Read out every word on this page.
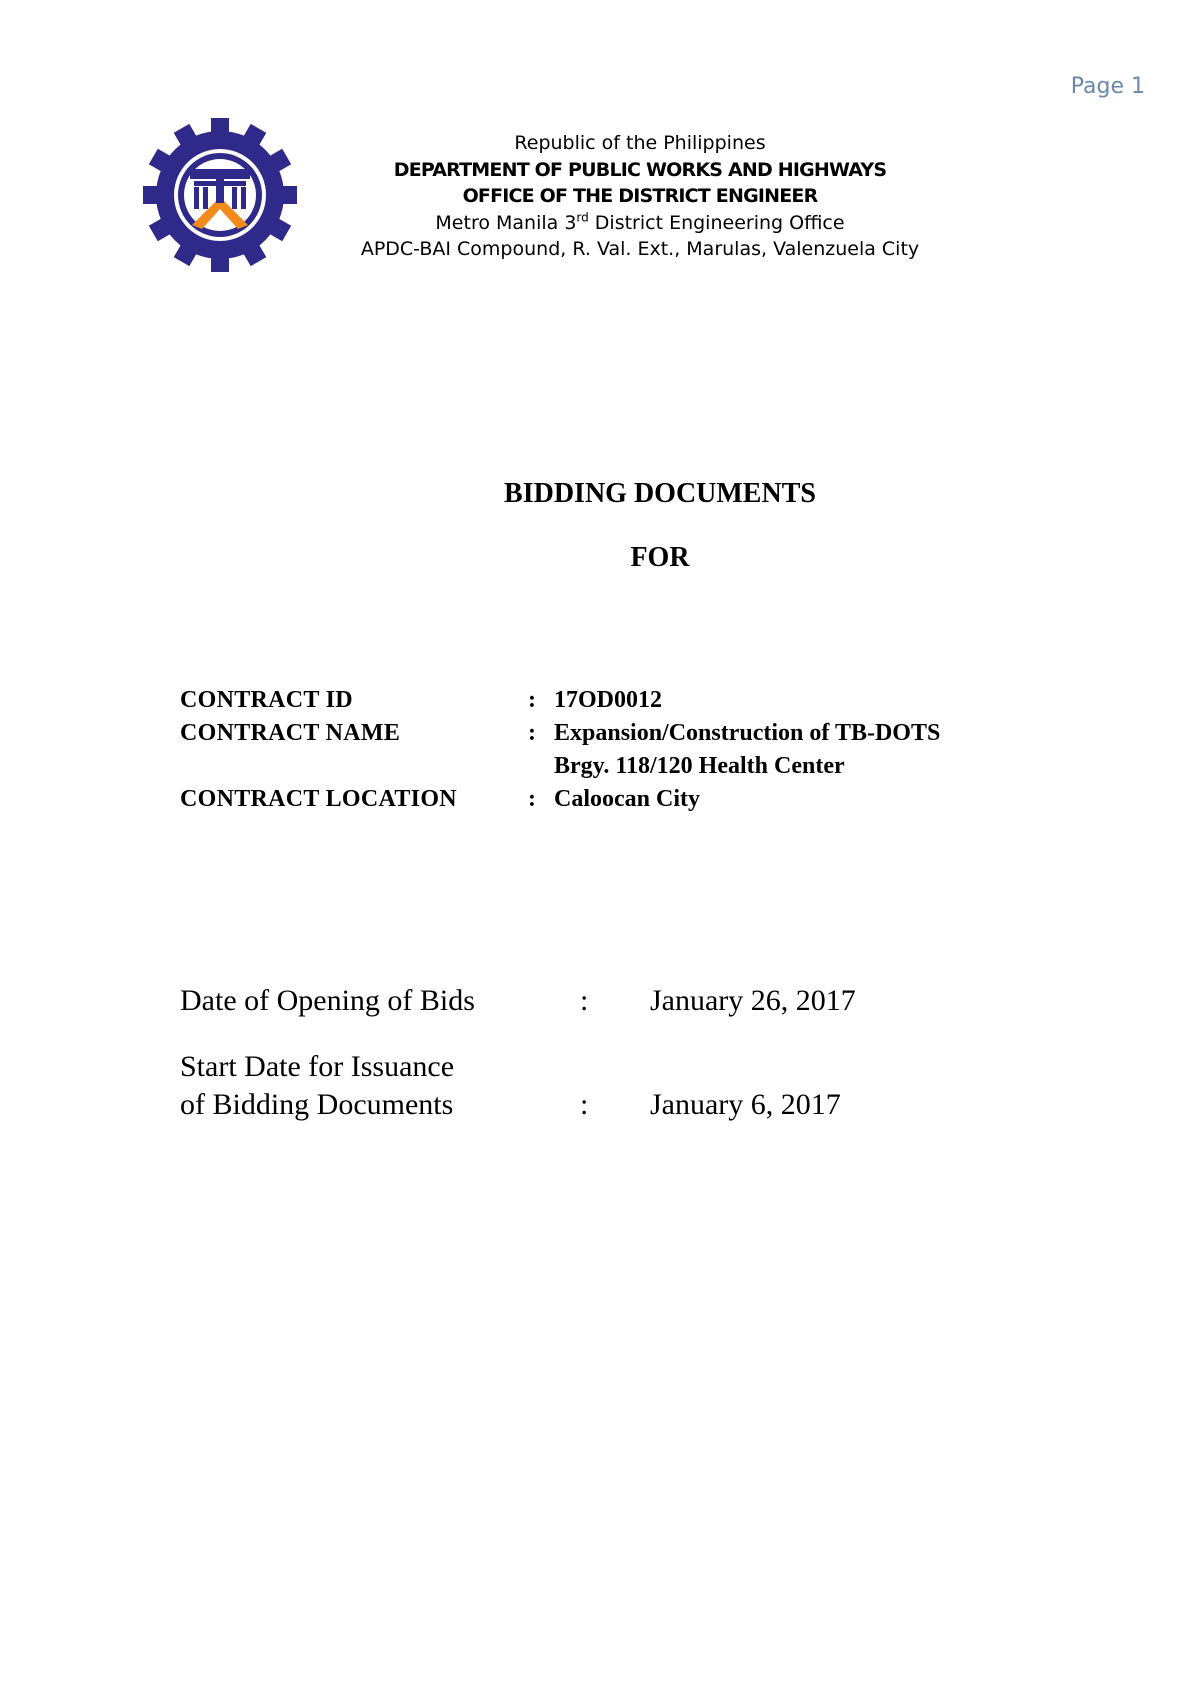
Page 1
Republic of the Philippines
DEPARTMENT OF PUBLIC WORKS AND HIGHWAYS
OFFICE OF THE DISTRICT ENGINEER
Metro Manila 3rd District Engineering Office
APDC-BAI Compound, R. Val. Ext., Marulas, Valenzuela City
BIDDING DOCUMENTS
FOR
CONTRACT ID	: 17OD0012
CONTRACT NAME	: Expansion/Construction of TB-DOTS
Brgy. 118/120 Health Center
CONTRACT LOCATION	: Caloocan City
Date of Opening of Bids	:	January 26, 2017
Start Date for Issuance
of Bidding Documents	:	January 6, 2017
